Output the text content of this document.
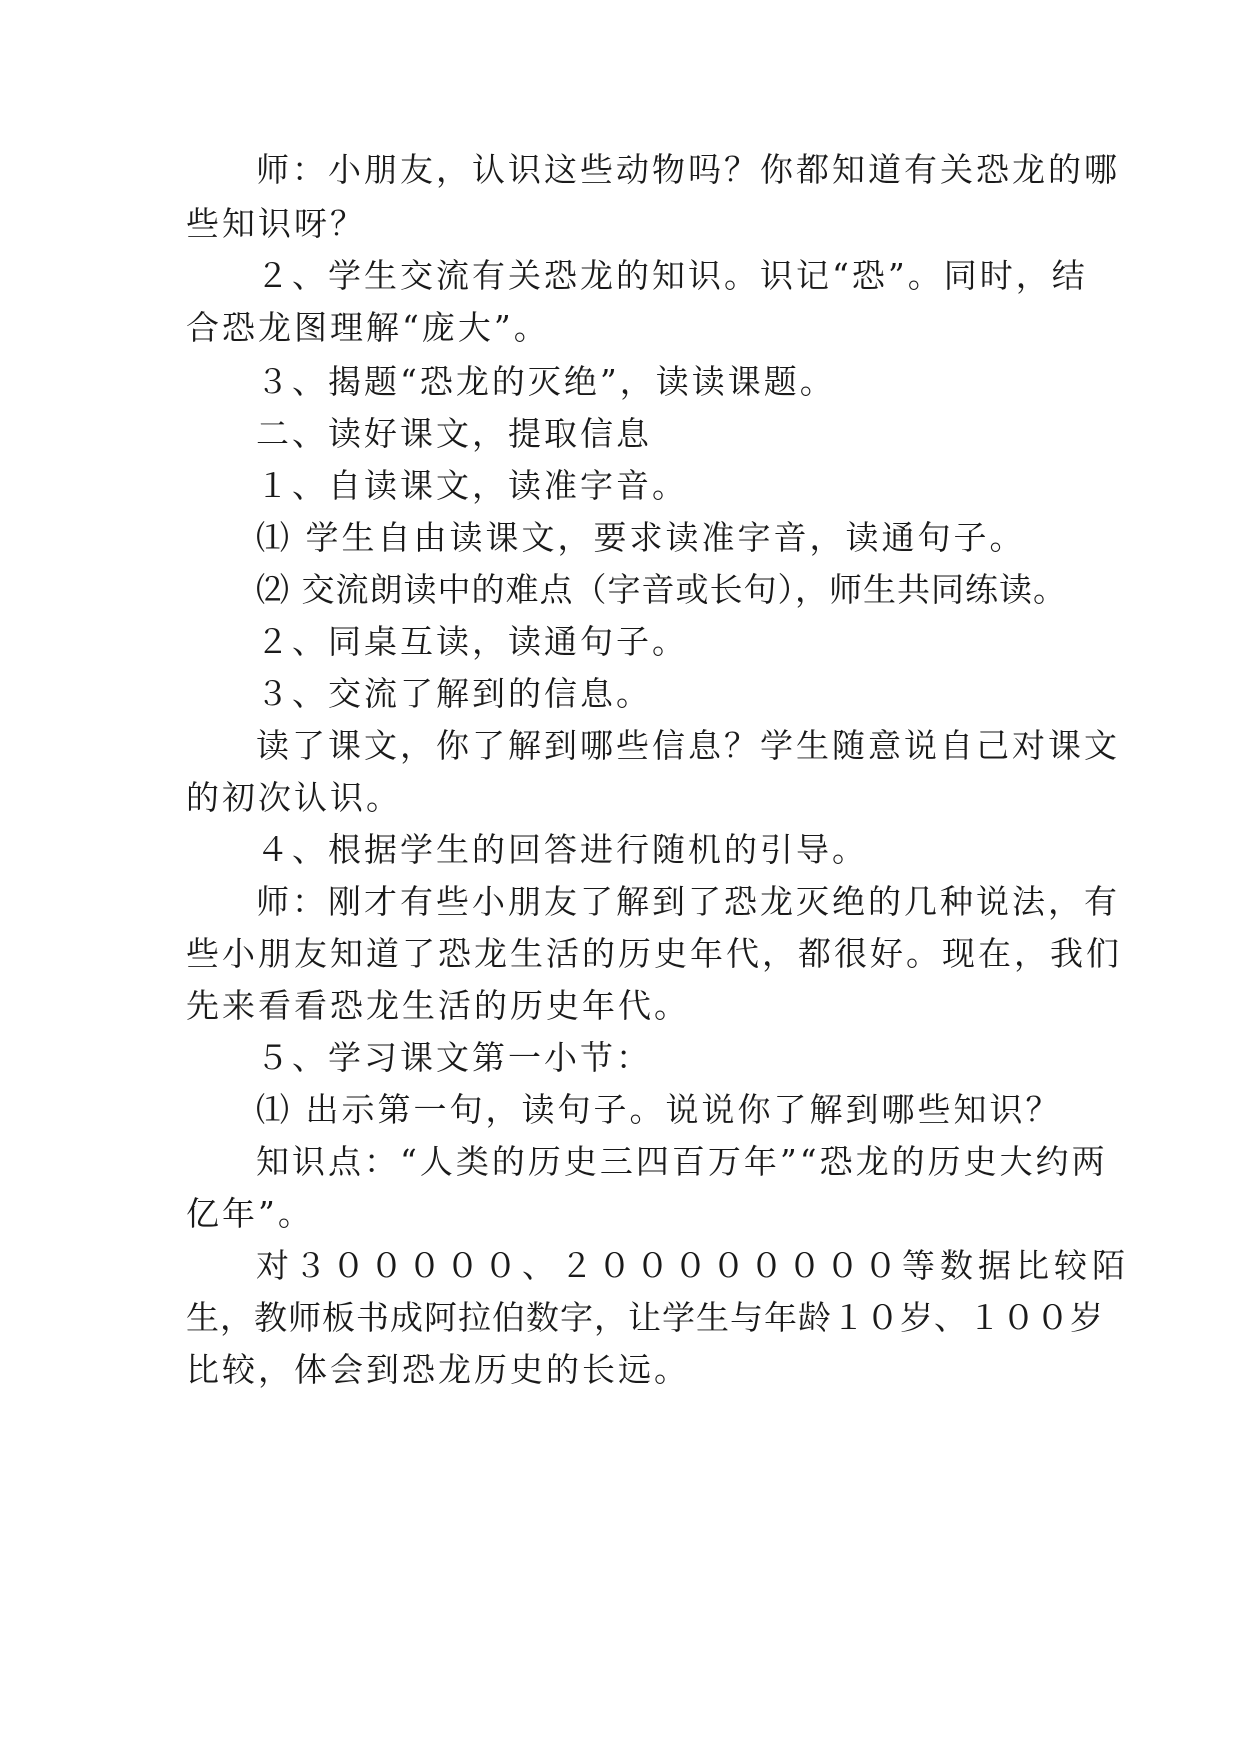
师：小朋友，认识这些动物吗？你都知道有关恐龙的哪
些知识呀？
２、学生交流有关恐龙的知识。识记“恐”。同时，结
合恐龙图理解“庞大”。
３、揭题“恐龙的灭绝”，读读课题。
二、读好课文，提取信息
１、自读课文，读准字音。
⑴ 学生自由读课文，要求读准字音，读通句子。
⑵ 交流朗读中的难点（字音或长句），师生共同练读。
２、同桌互读，读通句子。
３、交流了解到的信息。
读了课文，你了解到哪些信息？学生随意说自己对课文
的初次认识。
４、根据学生的回答进行随机的引导。
师：刚才有些小朋友了解到了恐龙灭绝的几种说法，有
些小朋友知道了恐龙生活的历史年代，都很好。现在，我们
先来看看恐龙生活的历史年代。
５、学习课文第一小节：
⑴ 出示第一句，读句子。说说你了解到哪些知识？
知识点：“人类的历史三四百万年”“恐龙的历史大约两
亿年”。
对３０００００、２００００００００等数据比较陌
生，教师板书成阿拉伯数字，让学生与年龄１０岁、１００岁
比较，体会到恐龙历史的长远。
